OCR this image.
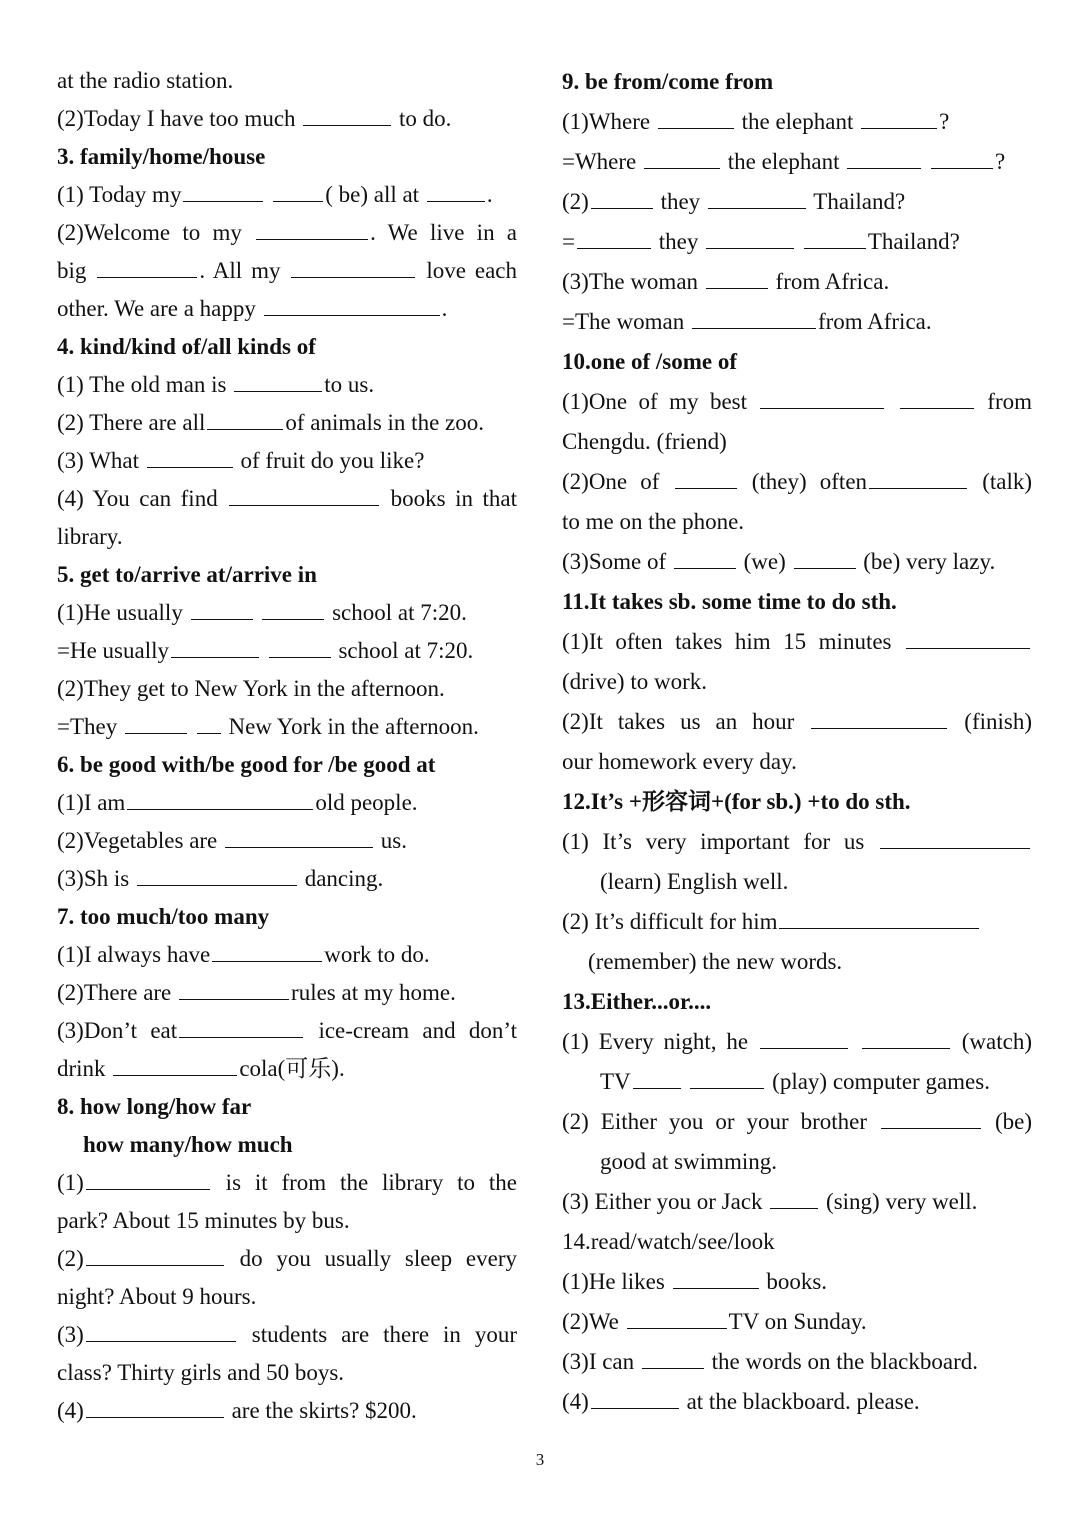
at the radio station.
(2)Today I have too much	to do.
3. family/home/house
(1) Today my	( be) all at	.
(2)Welcome to my	. We live in a
big	. All my	love each
other. We are a happy	.
4. kind/kind of/all kinds of
(1) The old man is	to us.
(2) There are all	of animals in the zoo.
(3) What	of fruit do you like?
(4) You can find	books in that
library.
5. get to/arrive at/arrive in
(1)He usually	school at 7:20.
=He usually	school at 7:20.
(2)They get to New York in the afternoon.
=They	New York in the afternoon.
6. be good with/be good for /be good at
(1)I am	old people.
(2)Vegetables are	us.
(3)Sh is	dancing.
7. too much/too many
(1)I always have	work to do.
(2)There are	rules at my home.
(3)Don’t eat	ice-cream and don’t
drink	cola(可乐).
8. how long/how far
how many/how much
(1)	is it from the library to the
park? About 15 minutes by bus.
(2)	do you usually sleep every
night? About 9 hours.
(3)	students are there in your
class? Thirty girls and 50 boys.
(4)	are the skirts? $200.
9. be from/come from
(1)Where	the elephant	?
=Where	the elephant	?
(2)	they	Thailand?
=	they	Thailand?
(3)The woman	from Africa.
=The woman	from Africa.
10.one of /some of
(1)One of my best	from
Chengdu. (friend)
(2)One of	(they) often	(talk)
to me on the phone.
(3)Some of	(we)	(be) very lazy.
11.It takes sb. some time to do sth.
(1)It often takes him 15 minutes
(drive) to work.
(2)It takes us an hour	(finish)
our homework every day.
12.It’s +形容词+(for sb.) +to do sth.
(1) It’s very important for us
(learn) English well.
(2) It’s difficult for him
(remember) the new words.
13.Either...or....
(1) Every night, he	(watch)
TV	(play) computer games.
(2) Either you or your brother	(be)
good at swimming.
(3) Either you or Jack  (sing) very well.
14.read/watch/see/look
(1)He likes	books.
(2)We	TV on Sunday.
(3)I can	the words on the blackboard.
(4)	at the blackboard. please.
3
